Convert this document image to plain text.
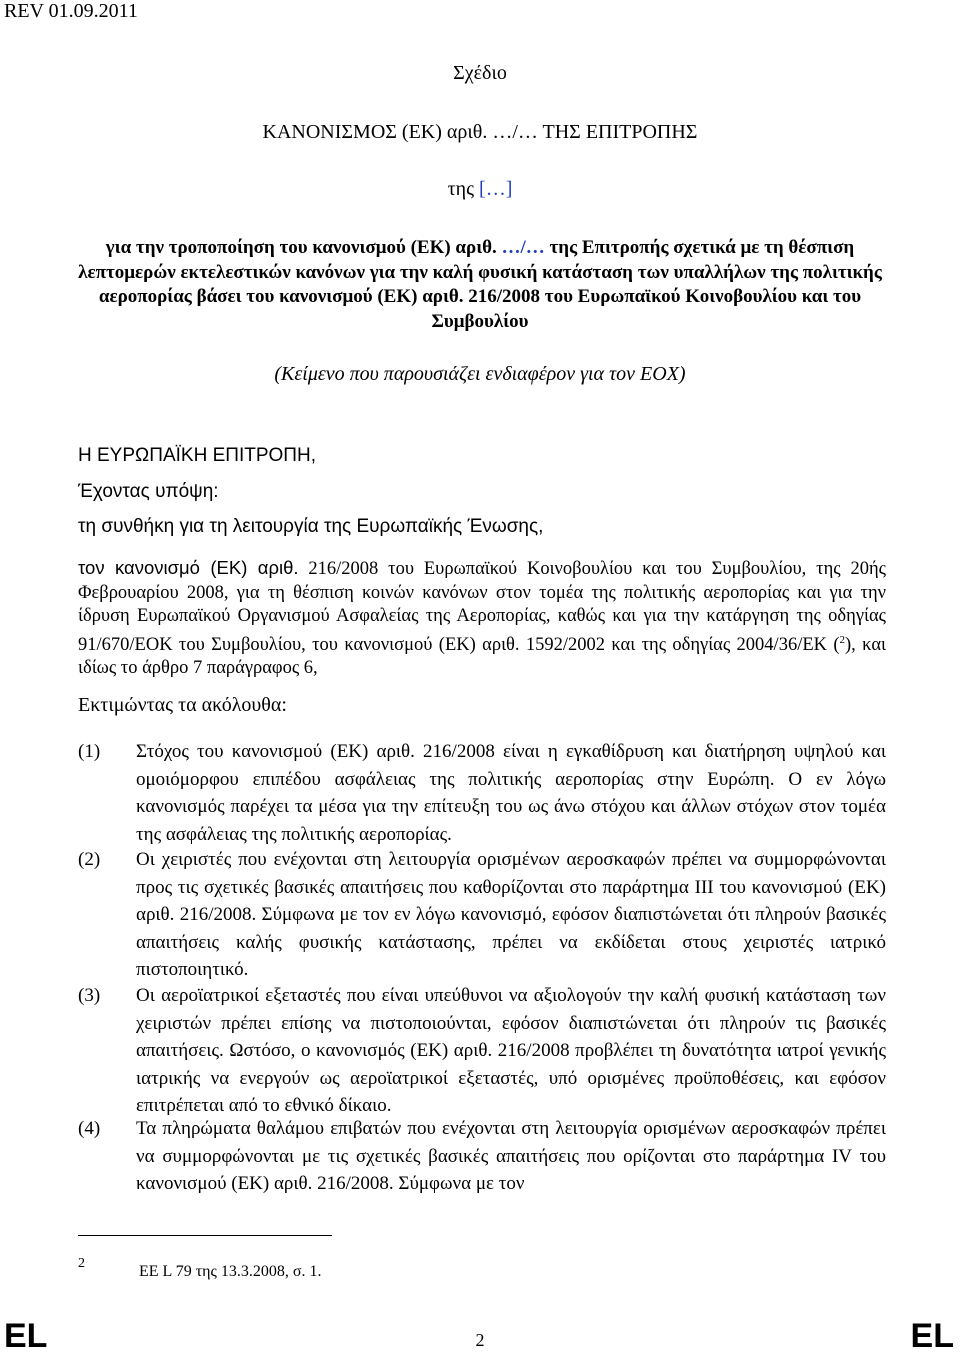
REV 01.09.2011
Σχέδιο
ΚΑΝΟΝΙΣΜΟΣ (ΕΚ) αριθ. …/… ΤΗΣ ΕΠΙΤΡΟΠΗΣ
της […]
για την τροποποίηση του κανονισμού (ΕΚ) αριθ. …/… της Επιτροπής σχετικά με τη θέσπιση λεπτομερών εκτελεστικών κανόνων για την καλή φυσική κατάσταση των υπαλλήλων της πολιτικής αεροπορίας βάσει του κανονισμού (ΕΚ) αριθ. 216/2008 του Ευρωπαϊκού Κοινοβουλίου και του Συμβουλίου
(Κείμενο που παρουσιάζει ενδιαφέρον για τον ΕΟΧ)
Η ΕΥΡΩΠΑΪΚΗ ΕΠΙΤΡΟΠΗ,
Έχοντας υπόψη:
τη συνθήκη για τη λειτουργία της Ευρωπαϊκής Ένωσης,
τον κανονισμό (ΕΚ) αριθ. 216/2008 του Ευρωπαϊκού Κοινοβουλίου και του Συμβουλίου, της 20ής Φεβρουαρίου 2008, για τη θέσπιση κοινών κανόνων στον τομέα της πολιτικής αεροπορίας και για την ίδρυση Ευρωπαϊκού Οργανισμού Ασφαλείας της Αεροπορίας, καθώς και για την κατάργηση της οδηγίας 91/670/ΕΟΚ του Συμβουλίου, του κανονισμού (ΕΚ) αριθ. 1592/2002 και της οδηγίας 2004/36/ΕΚ ($^2$), και ιδίως το άρθρο 7 παράγραφος 6,
Εκτιμώντας τα ακόλουθα:
(1) Στόχος του κανονισμού (ΕΚ) αριθ. 216/2008 είναι η εγκαθίδρυση και διατήρηση υψηλού και ομοιόμορφου επιπέδου ασφάλειας της πολιτικής αεροπορίας στην Ευρώπη. Ο εν λόγω κανονισμός παρέχει τα μέσα για την επίτευξη του ως άνω στόχου και άλλων στόχων στον τομέα της ασφάλειας της πολιτικής αεροπορίας.
(2) Οι χειριστές που ενέχονται στη λειτουργία ορισμένων αεροσκαφών πρέπει να συμμορφώνονται προς τις σχετικές βασικές απαιτήσεις που καθορίζονται στο παράρτημα III του κανονισμού (ΕΚ) αριθ. 216/2008. Σύμφωνα με τον εν λόγω κανονισμό, εφόσον διαπιστώνεται ότι πληρούν βασικές απαιτήσεις καλής φυσικής κατάστασης, πρέπει να εκδίδεται στους χειριστές ιατρικό πιστοποιητικό.
(3) Οι αεροϊατρικοί εξεταστές που είναι υπεύθυνοι να αξιολογούν την καλή φυσική κατάσταση των χειριστών πρέπει επίσης να πιστοποιούνται, εφόσον διαπιστώνεται ότι πληρούν τις βασικές απαιτήσεις. Ωστόσο, ο κανονισμός (ΕΚ) αριθ. 216/2008 προβλέπει τη δυνατότητα ιατροί γενικής ιατρικής να ενεργούν ως αεροϊατρικοί εξεταστές, υπό ορισμένες προϋποθέσεις, και εφόσον επιτρέπεται από το εθνικό δίκαιο.
(4) Τα πληρώματα θαλάμου επιβατών που ενέχονται στη λειτουργία ορισμένων αεροσκαφών πρέπει να συμμορφώνονται με τις σχετικές βασικές απαιτήσεις που ορίζονται στο παράρτημα IV του κανονισμού (ΕΚ) αριθ. 216/2008. Σύμφωνα με τον
2	ΕΕ L 79 της 13.3.2008, σ. 1.
EL	2	EL
